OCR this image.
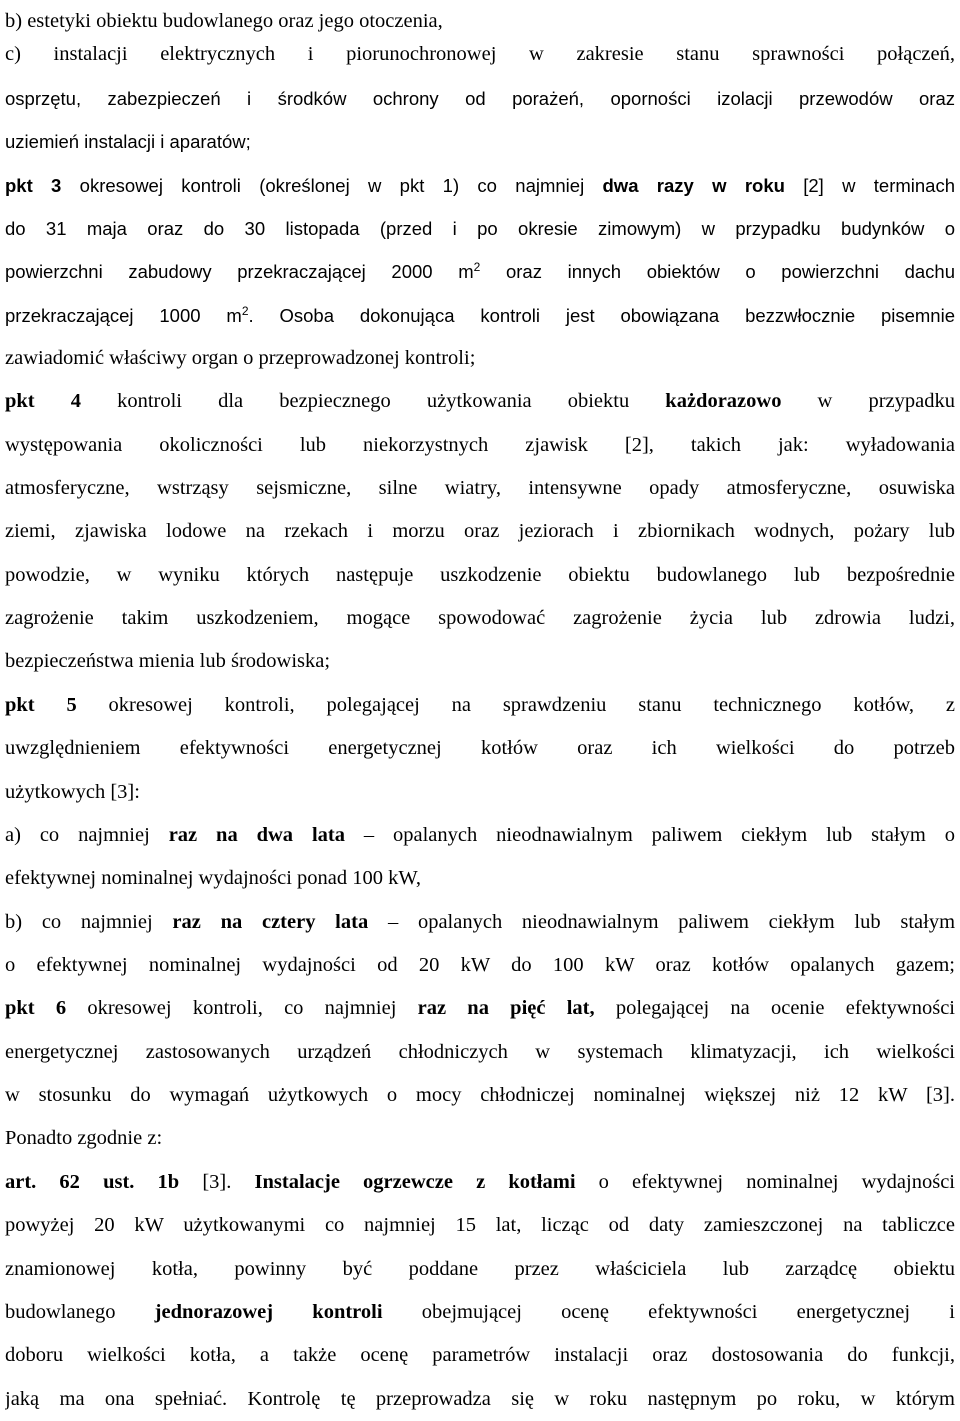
b) estetyki obiektu budowlanego oraz jego otoczenia,
c) instalacji elektrycznych i piorunochronowej w zakresie stanu sprawności połączeń,
osprzętu, zabezpieczeń i środków ochrony od porażeń, oporności izolacji przewodów oraz
uziemień instalacji i aparatów;
pkt 3 okresowej kontroli (określonej w pkt 1) co najmniej dwa razy w roku [2] w terminach
do 31 maja oraz do 30 listopada (przed i po okresie zimowym) w przypadku budynków o
powierzchni zabudowy przekraczającej 2000 $m^2$ oraz innych obiektów o powierzchni dachu
przekraczającej 1000 $m^2$. Osoba dokonująca kontroli jest obowiązana bezzwłocznie pisemnie
zawiadomić właściwy organ o przeprowadzonej kontroli;
pkt 4 kontroli dla bezpiecznego użytkowania obiektu każdorazowo w przypadku
występowania okoliczności lub niekorzystnych zjawisk [2], takich jak: wyładowania
atmosferyczne, wstrząsy sejsmiczne, silne wiatry, intensywne opady atmosferyczne, osuwiska
ziemi, zjawiska lodowe na rzekach i morzu oraz jeziorach i zbiornikach wodnych, pożary lub
powodzie, w wyniku których następuje uszkodzenie obiektu budowlanego lub bezpośrednie
zagrożenie takim uszkodzeniem, mogące spowodować zagrożenie życia lub zdrowia ludzi,
bezpieczeństwa mienia lub środowiska;
pkt 5 okresowej kontroli, polegającej na sprawdzeniu stanu technicznego kotłów, z
uwzględnieniem efektywności energetycznej kotłów oraz ich wielkości do potrzeb
użytkowych [3]:
a) co najmniej raz na dwa lata – opalanych nieodnawialnym paliwem ciekłym lub stałym o
efektywnej nominalnej wydajności ponad 100 kW,
b) co najmniej raz na cztery lata – opalanych nieodnawialnym paliwem ciekłym lub stałym
o efektywnej nominalnej wydajności od 20 kW do 100 kW oraz kotłów opalanych gazem;
pkt 6 okresowej kontroli, co najmniej raz na pięć lat, polegającej na ocenie efektywności
energetycznej zastosowanych urządzeń chłodniczych w systemach klimatyzacji, ich wielkości
w stosunku do wymagań użytkowych o mocy chłodniczej nominalnej większej niż 12 kW [3].
Ponadto zgodnie z:
art. 62 ust. 1b [3]. Instalacje ogrzewcze z kotłami o efektywnej nominalnej wydajności
powyżej 20 kW użytkowanymi co najmniej 15 lat, licząc od daty zamieszczonej na tabliczce
znamionowej kotła, powinny być poddane przez właściciela lub zarządcę obiektu
budowlanego jednorazowej kontroli obejmującej ocenę efektywności energetycznej i
doboru wielkości kotła, a także ocenę parametrów instalacji oraz dostosowania do funkcji,
jaką ma ona spełniać. Kontrolę tę przeprowadza się w roku następnym po roku, w którym
